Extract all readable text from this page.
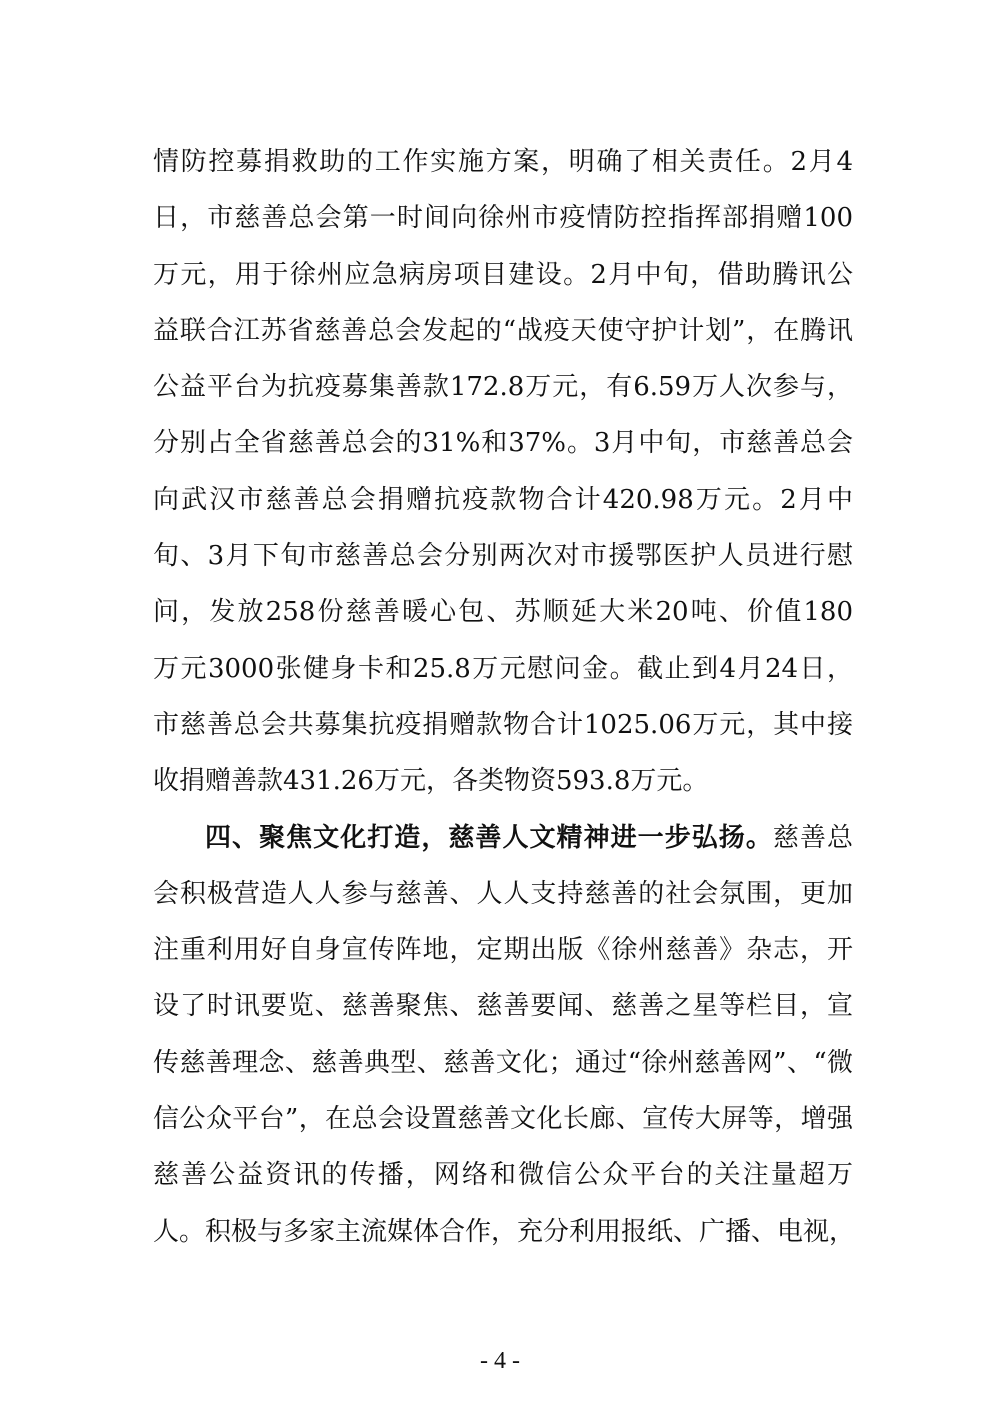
情防控募捐救助的工作实施方案，明确了相关责任。2月4
日，市慈善总会第一时间向徐州市疫情防控指挥部捐赠100
万元，用于徐州应急病房项目建设。2月中旬，借助腾讯公
益联合江苏省慈善总会发起的“战疫天使守护计划”，在腾讯
公益平台为抗疫募集善款172.8万元，有6.59万人次参与，
分别占全省慈善总会的31%和37%。3月中旬，市慈善总会
向武汉市慈善总会捐赠抗疫款物合计420.98万元。2月中
旬、3月下旬市慈善总会分别两次对市援鄂医护人员进行慰
问，发放258份慈善暖心包、苏顺延大米20吨、价值180
万元3000张健身卡和25.8万元慰问金。截止到4月24日，
市慈善总会共募集抗疫捐赠款物合计1025.06万元，其中接
收捐赠善款431.26万元，各类物资593.8万元。
四、聚焦文化打造，慈善人文精神进一步弘扬。慈善总
会积极营造人人参与慈善、人人支持慈善的社会氛围，更加
注重利用好自身宣传阵地，定期出版《徐州慈善》杂志，开
设了时讯要览、慈善聚焦、慈善要闻、慈善之星等栏目，宣
传慈善理念、慈善典型、慈善文化；通过“徐州慈善网”、“微
信公众平台”，在总会设置慈善文化长廊、宣传大屏等，增强
慈善公益资讯的传播，网络和微信公众平台的关注量超万
人。积极与多家主流媒体合作，充分利用报纸、广播、电视，
- 4 -
